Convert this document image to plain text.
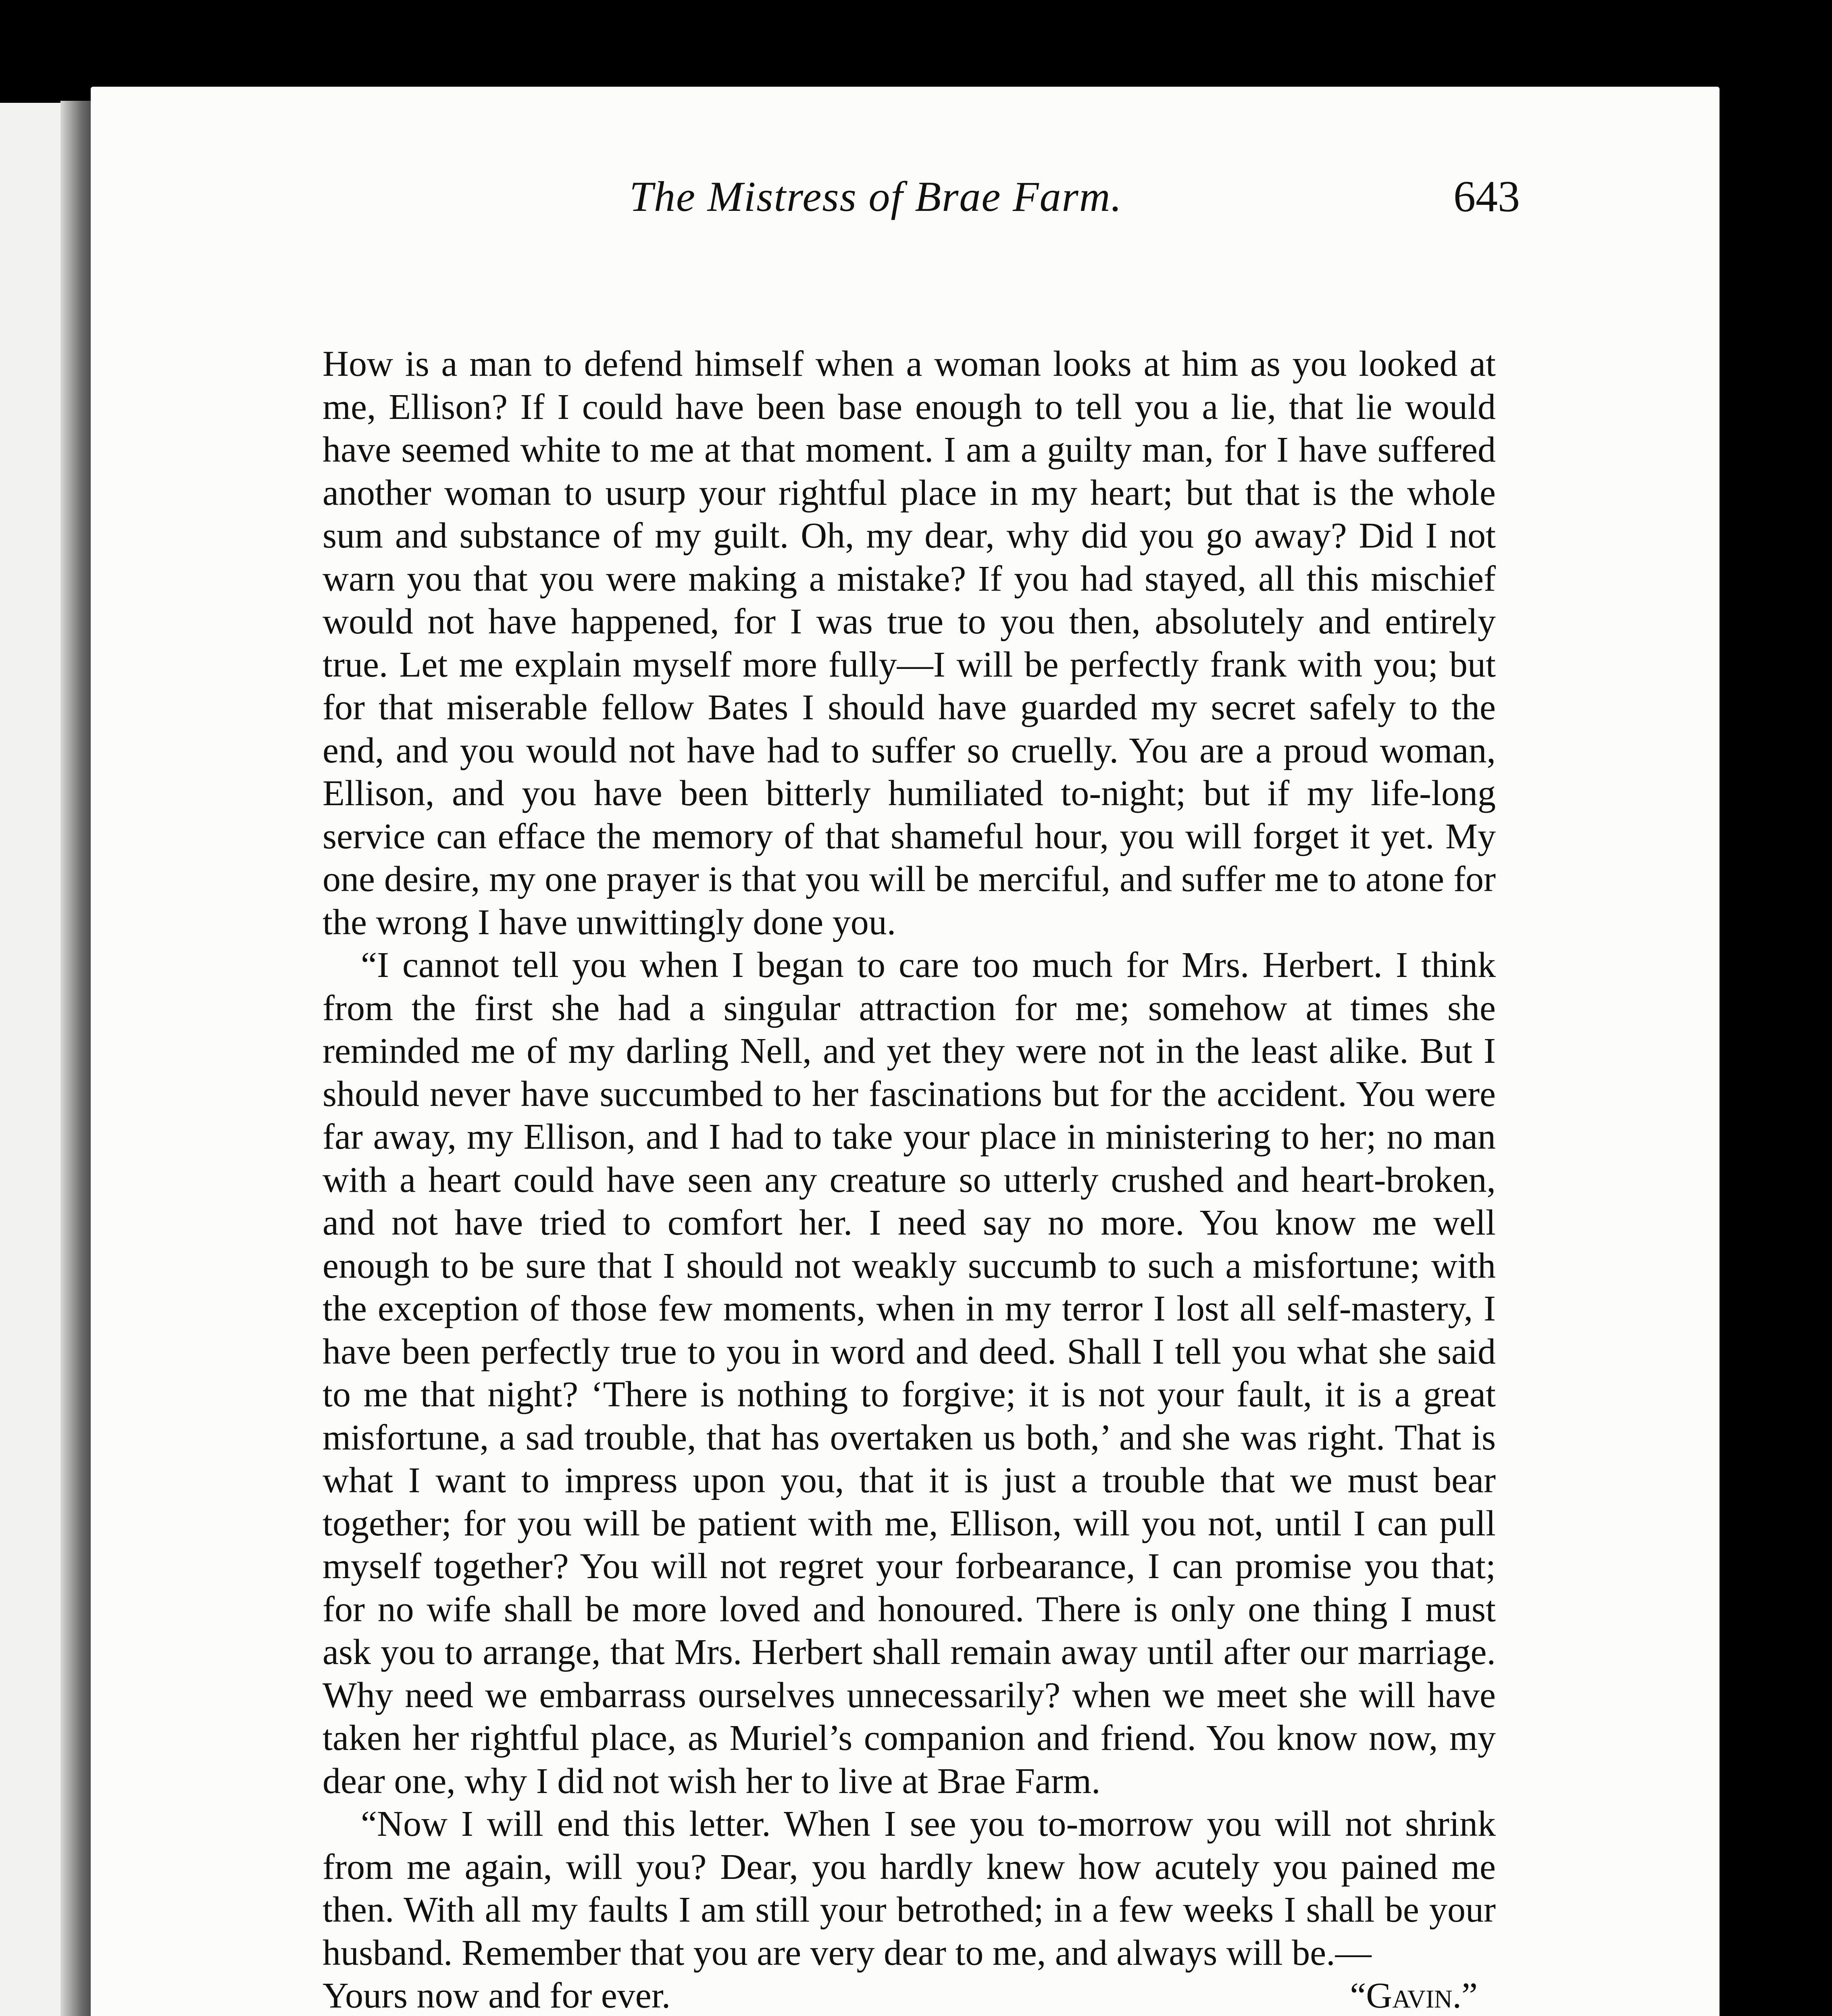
The Mistress of Brae Farm.	643

How is a man to defend himself when a woman looks at him as you looked at me, Ellison? If I could have been base enough to tell you a lie, that lie would have seemed white to me at that moment. I am a guilty man, for I have suffered another woman to usurp your rightful place in my heart; but that is the whole sum and substance of my guilt. Oh, my dear, why did you go away? Did I not warn you that you were making a mistake? If you had stayed, all this mischief would not have happened, for I was true to you then, absolutely and entirely true. Let me explain myself more fully—I will be perfectly frank with you; but for that miserable fellow Bates I should have guarded my secret safely to the end, and you would not have had to suffer so cruelly. You are a proud woman, Ellison, and you have been bitterly humiliated to-night; but if my life-long service can efface the memory of that shameful hour, you will forget it yet. My one desire, my one prayer is that you will be merciful, and suffer me to atone for the wrong I have unwittingly done you.

“I cannot tell you when I began to care too much for Mrs. Herbert. I think from the first she had a singular attraction for me; somehow at times she reminded me of my darling Nell, and yet they were not in the least alike. But I should never have succumbed to her fascinations but for the accident. You were far away, my Ellison, and I had to take your place in ministering to her; no man with a heart could have seen any creature so utterly crushed and heart-broken, and not have tried to comfort her. I need say no more. You know me well enough to be sure that I should not weakly succumb to such a misfortune; with the exception of those few moments, when in my terror I lost all self-mastery, I have been perfectly true to you in word and deed. Shall I tell you what she said to me that night? ‘There is nothing to forgive; it is not your fault, it is a great misfortune, a sad trouble, that has overtaken us both,’ and she was right. That is what I want to impress upon you, that it is just a trouble that we must bear together; for you will be patient with me, Ellison, will you not, until I can pull myself together? You will not regret your forbearance, I can promise you that; for no wife shall be more loved and honoured. There is only one thing I must ask you to arrange, that Mrs. Herbert shall remain away until after our marriage. Why need we embarrass ourselves unnecessarily? when we meet she will have taken her rightful place, as Muriel’s companion and friend. You know now, my dear one, why I did not wish her to live at Brae Farm.

“Now I will end this letter. When I see you to-morrow you will not shrink from me again, will you? Dear, you hardly knew how acutely you pained me then. With all my faults I am still your betrothed; in a few weeks I shall be your husband. Remember that you are very dear to me, and always will be.—

Yours now and for ever.	“Gavin.”
